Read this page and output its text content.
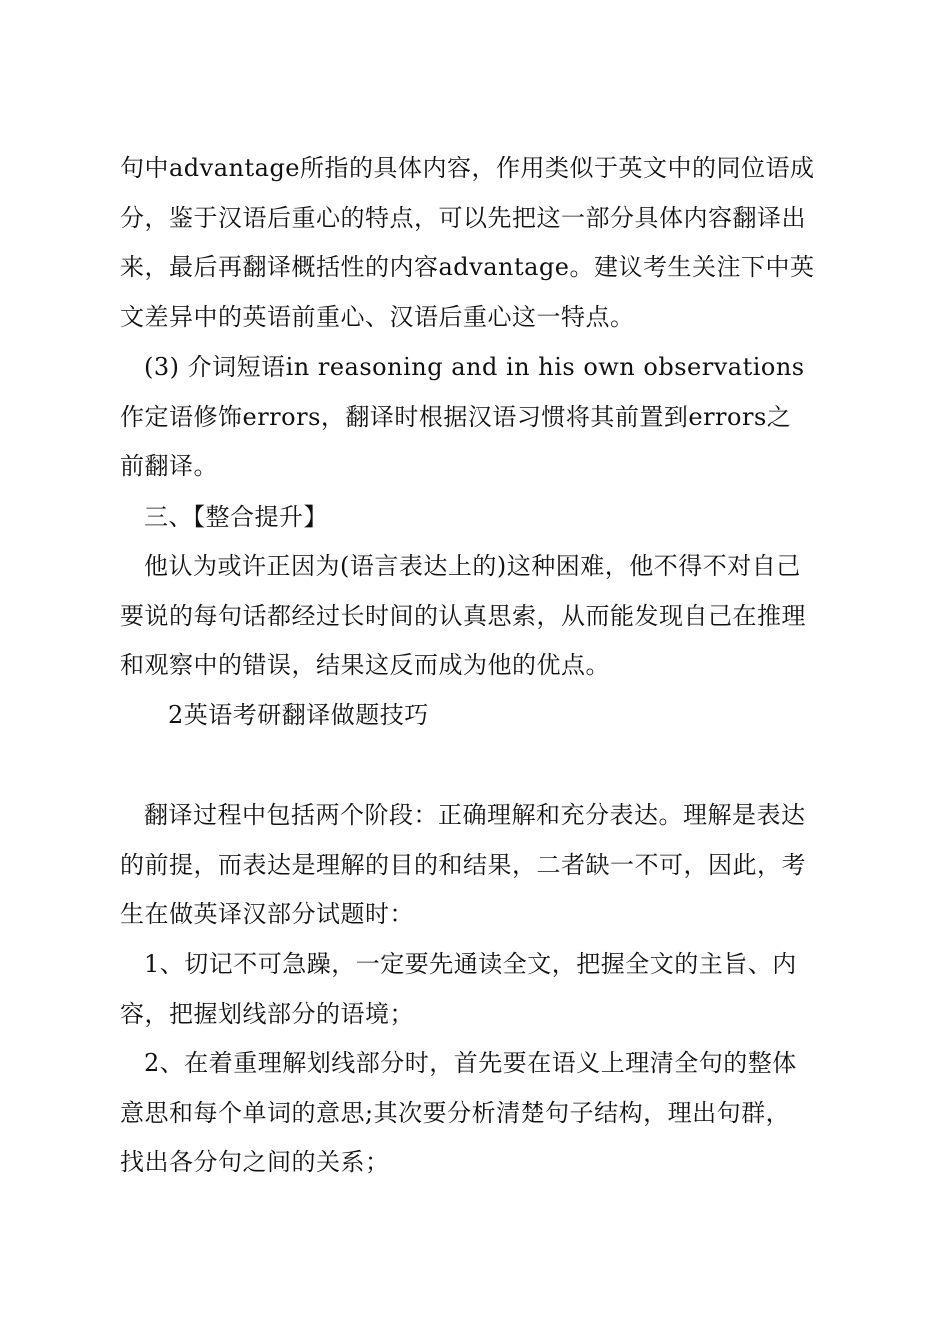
句中advantage所指的具体内容，作用类似于英文中的同位语成
分，鉴于汉语后重心的特点，可以先把这一部分具体内容翻译出
来，最后再翻译概括性的内容advantage。建议考生关注下中英
文差异中的英语前重心、汉语后重心这一特点。
(3) 介词短语in reasoning and in his own observations
作定语修饰errors，翻译时根据汉语习惯将其前置到errors之
前翻译。
三、【整合提升】
他认为或许正因为(语言表达上的)这种困难，他不得不对自己
要说的每句话都经过长时间的认真思索，从而能发现自己在推理
和观察中的错误，结果这反而成为他的优点。
2英语考研翻译做题技巧
翻译过程中包括两个阶段：正确理解和充分表达。理解是表达
的前提，而表达是理解的目的和结果，二者缺一不可，因此，考
生在做英译汉部分试题时：
1、切记不可急躁，一定要先通读全文，把握全文的主旨、内
容，把握划线部分的语境；
2、在着重理解划线部分时，首先要在语义上理清全句的整体
意思和每个单词的意思;其次要分析清楚句子结构，理出句群，
找出各分句之间的关系；
